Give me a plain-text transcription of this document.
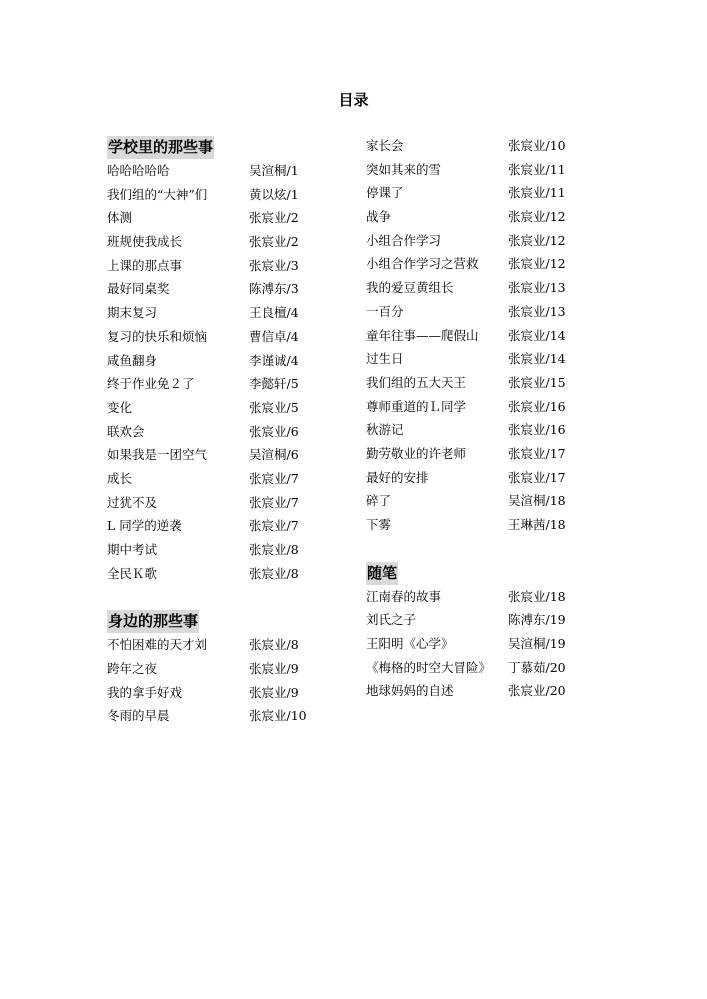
目录
学校里的那些事
哈哈哈哈哈	吴渲桐/1
我们组的“大神”们	黄以炫/1
体测	张宸业/2
班规使我成长	张宸业/2
上课的那点事	张宸业/3
最好同桌奖	陈溥东/3
期末复习	王良檀/4
复习的快乐和烦恼	曹信卓/4
咸鱼翻身	李谨诚/4
终于作业免２了	李懿轩/5
变化	张宸业/5
联欢会	张宸业/6
如果我是一团空气	吴渲桐/6
成长	张宸业/7
过犹不及	张宸业/7
L 同学的逆袭	张宸业/7
期中考试	张宸业/8
全民Ｋ歌	张宸业/8
身边的那些事
不怕困难的天才刘	张宸业/8
跨年之夜	张宸业/9
我的拿手好戏	张宸业/9
冬雨的早晨	张宸业/10
家长会	张宸业/10
突如其来的雪	张宸业/11
停课了	张宸业/11
战争	张宸业/12
小组合作学习	张宸业/12
小组合作学习之营救 张宸业/12
我的爱豆黄组长	张宸业/13
一百分	张宸业/13
童年往事——爬假山 张宸业/14
过生日	张宸业/14
我们组的五大天王	张宸业/15
尊师重道的Ｌ同学	张宸业/16
秋游记	张宸业/16
勤劳敬业的许老师	张宸业/17
最好的安排	张宸业/17
碎了	吴渲桐/18
下雾	王琳茜/18
随笔
江南春的故事	张宸业/18
刘氏之子	陈溥东/19
王阳明《心学》	吴渲桐/19
《梅格的时空大冒险》 丁慕茹/20
地球妈妈的自述	张宸业/20
